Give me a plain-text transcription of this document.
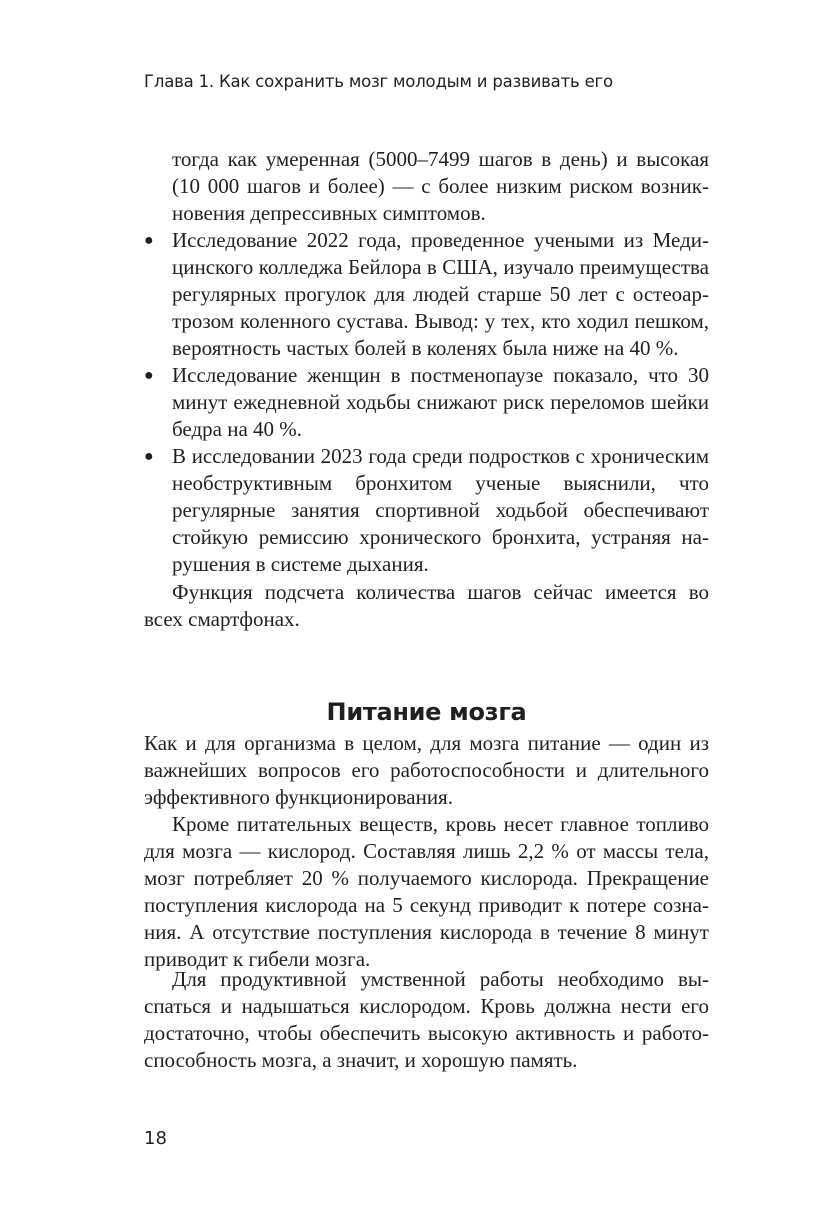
Глава 1. Как сохранить мозг молодым и развивать его
тогда как умеренная (5000–7499 шагов в день) и высокая (10 000 шагов и более) — с более низким риском возникновения депрессивных симптомов.
● Исследование 2022 года, проведенное учеными из Медицинского колледжа Бейлора в США, изучало преимущества регулярных прогулок для людей старше 50 лет с остеоартрозом коленного сустава. Вывод: у тех, кто ходил пешком, вероятность частых болей в коленях была ниже на 40 %.
● Исследование женщин в постменопаузе показало, что 30 минут ежедневной ходьбы снижают риск переломов шейки бедра на 40 %.
● В исследовании 2023 года среди подростков с хроническим необструктивным бронхитом ученые выяснили, что регулярные занятия спортивной ходьбой обеспечивают стойкую ремиссию хронического бронхита, устраняя нарушения в системе дыхания.
Функция подсчета количества шагов сейчас имеется во всех смартфонах.
Питание мозга
Как и для организма в целом, для мозга питание — один из важнейших вопросов его работоспособности и длительного эффективного функционирования.
Кроме питательных веществ, кровь несет главное топливо для мозга — кислород. Составляя лишь 2,2 % от массы тела, мозг потребляет 20 % получаемого кислорода. Прекращение поступления кислорода на 5 секунд приводит к потере сознания. А отсутствие поступления кислорода в течение 8 минут приводит к гибели мозга.
Для продуктивной умственной работы необходимо выспаться и надышаться кислородом. Кровь должна нести его достаточно, чтобы обеспечить высокую активность и работоспособность мозга, а значит, и хорошую память.
18
